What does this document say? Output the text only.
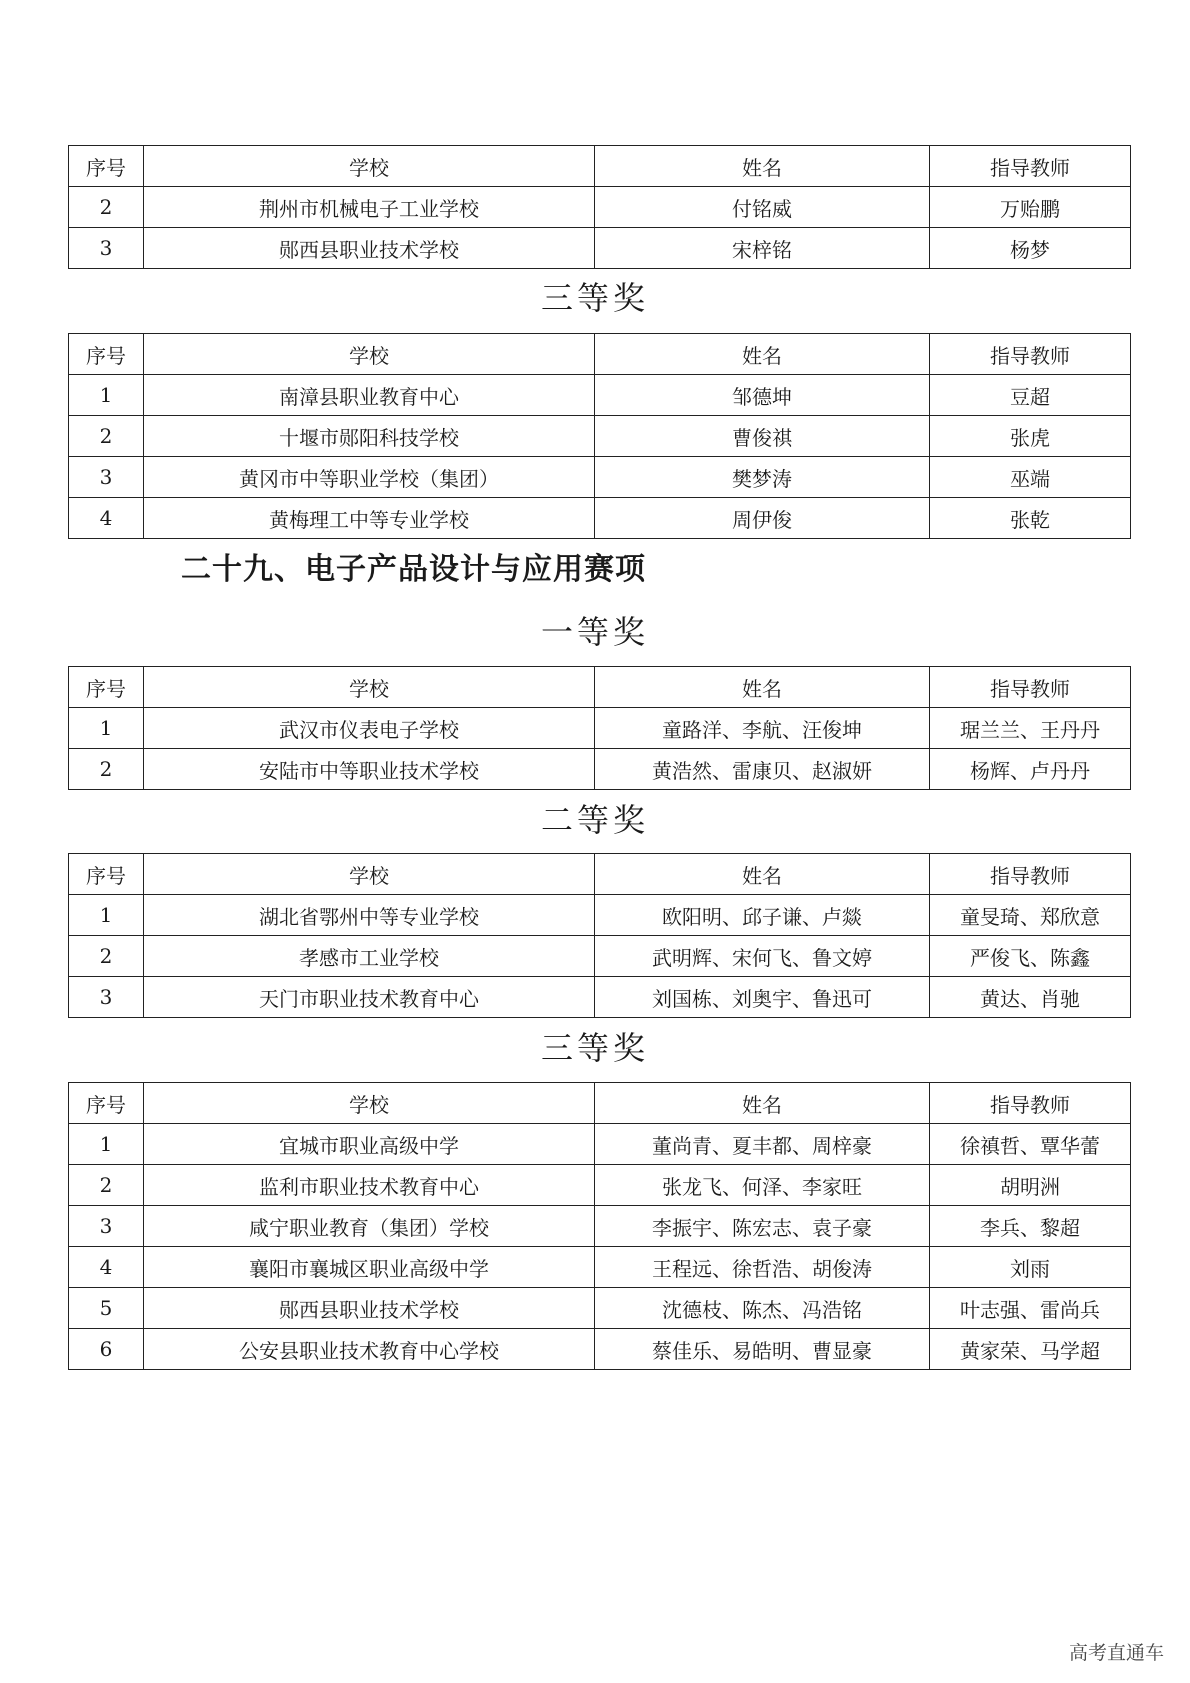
序号	学校	姓名	指导教师
2	荆州市机械电子工业学校	付铭威	万贻鹏
3	郧西县职业技术学校	宋梓铭	杨梦
三等奖
序号	学校	姓名	指导教师
1	南漳县职业教育中心	邹德坤	豆超
2	十堰市郧阳科技学校	曹俊祺	张虎
3	黄冈市中等职业学校（集团）	樊梦涛	巫端
4	黄梅理工中等专业学校	周伊俊	张乾
二十九、电子产品设计与应用赛项
一等奖
序号	学校	姓名	指导教师
1	武汉市仪表电子学校	童路洋、李航、汪俊坤	琚兰兰、王丹丹
2	安陆市中等职业技术学校	黄浩然、雷康贝、赵淑妍	杨辉、卢丹丹
二等奖
序号	学校	姓名	指导教师
1	湖北省鄂州中等专业学校	欧阳明、邱子谦、卢燚	童旻琦、郑欣意
2	孝感市工业学校	武明辉、宋何飞、鲁文婷	严俊飞、陈鑫
3	天门市职业技术教育中心	刘国栋、刘奥宇、鲁迅可	黄达、肖驰
三等奖
序号	学校	姓名	指导教师
1	宜城市职业高级中学	董尚青、夏丰都、周梓豪	徐禛哲、覃华蕾
2	监利市职业技术教育中心	张龙飞、何泽、李家旺	胡明洲
3	咸宁职业教育（集团）学校	李振宇、陈宏志、袁子豪	李兵、黎超
4	襄阳市襄城区职业高级中学	王程远、徐哲浩、胡俊涛	刘雨
5	郧西县职业技术学校	沈德枝、陈杰、冯浩铭	叶志强、雷尚兵
6	公安县职业技术教育中心学校	蔡佳乐、易皓明、曹显豪	黄家荣、马学超
高考直通车
